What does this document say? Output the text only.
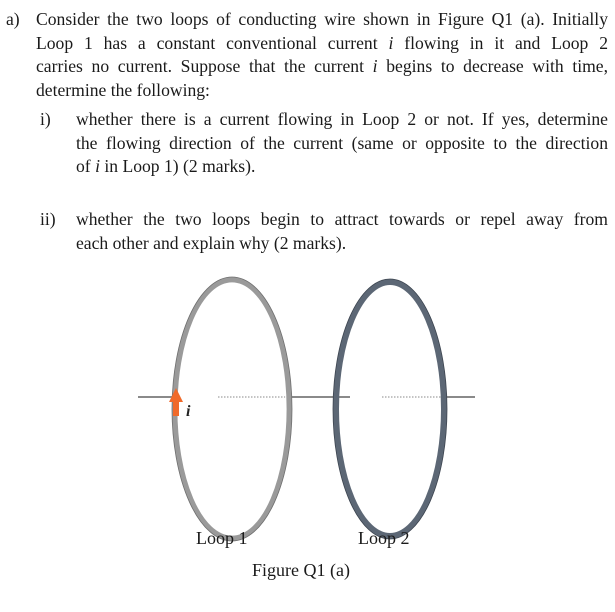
a) Consider the two loops of conducting wire shown in Figure Q1 (a). Initially
Loop 1 has a constant conventional current i flowing in it and Loop 2
carries no current. Suppose that the current i begins to decrease with time,
determine the following:
i) whether there is a current flowing in Loop 2 or not. If yes, determine
the flowing direction of the current (same or opposite to the direction
of i in Loop 1) (2 marks).
ii) whether the two loops begin to attract towards or repel away from
each other and explain why (2 marks).
i
Loop 1	Loop 2
Figure Q1 (a)
